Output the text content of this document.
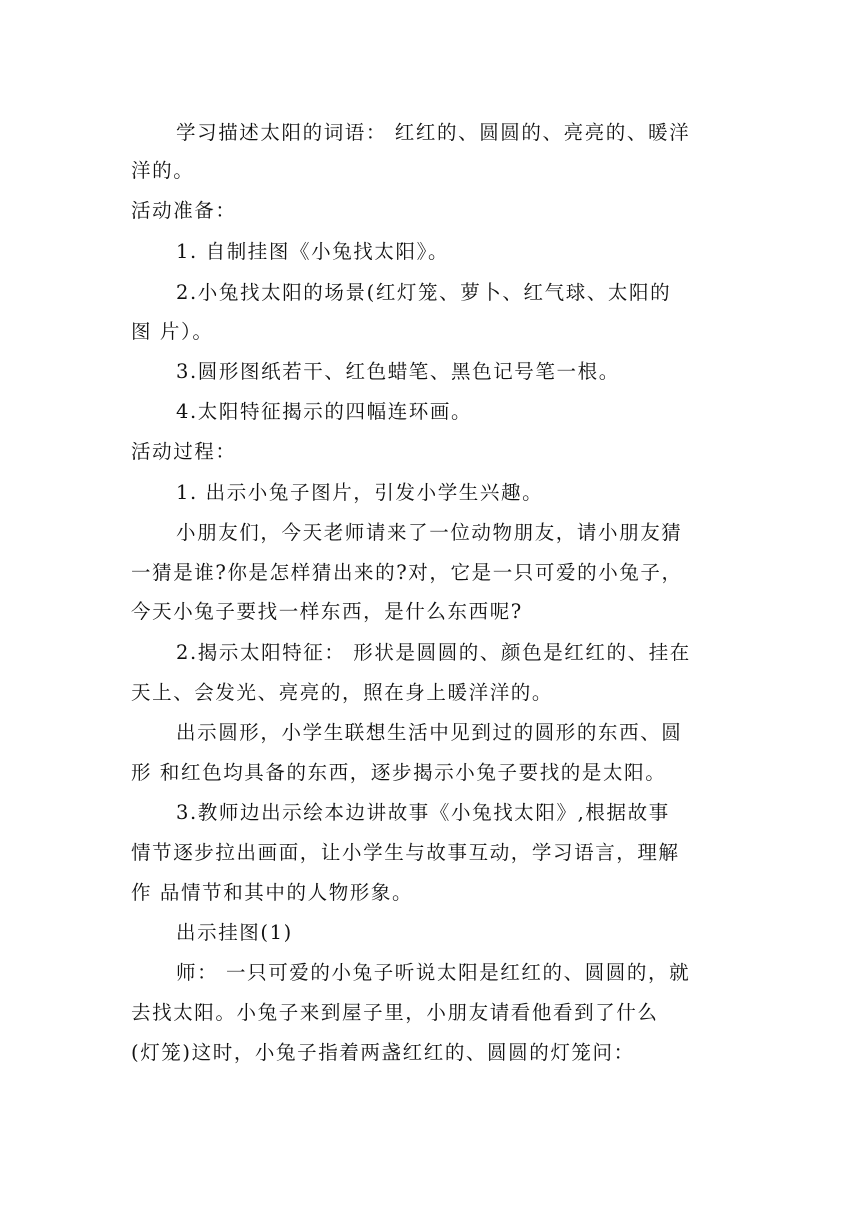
学习描述太阳的词语： 红红的、圆圆的、亮亮的、暖洋
洋的。
活动准备：
1. 自制挂图《小兔找太阳》。
2.小兔找太阳的场景(红灯笼、萝卜、红气球、太阳的
图 片）。
3.圆形图纸若干、红色蜡笔、黑色记号笔一根。
4.太阳特征揭示的四幅连环画。
活动过程：
1. 出示小兔子图片，引发小学生兴趣。
小朋友们，今天老师请来了一位动物朋友，请小朋友猜
一猜是谁?你是怎样猜出来的?对，它是一只可爱的小兔子，
今天小兔子要找一样东西，是什么东西呢?
2.揭示太阳特征： 形状是圆圆的、颜色是红红的、挂在
天上、会发光、亮亮的，照在身上暖洋洋的。
出示圆形，小学生联想生活中见到过的圆形的东西、圆
形 和红色均具备的东西，逐步揭示小兔子要找的是太阳。
3.教师边出示绘本边讲故事《小兔找太阳》,根据故事
情节逐步拉出画面，让小学生与故事互动，学习语言，理解
作 品情节和其中的人物形象。
出示挂图(1)
师： 一只可爱的小兔子听说太阳是红红的、圆圆的，就
去找太阳。小兔子来到屋子里，小朋友请看他看到了什么
(灯笼)这时，小兔子指着两盏红红的、圆圆的灯笼问：
